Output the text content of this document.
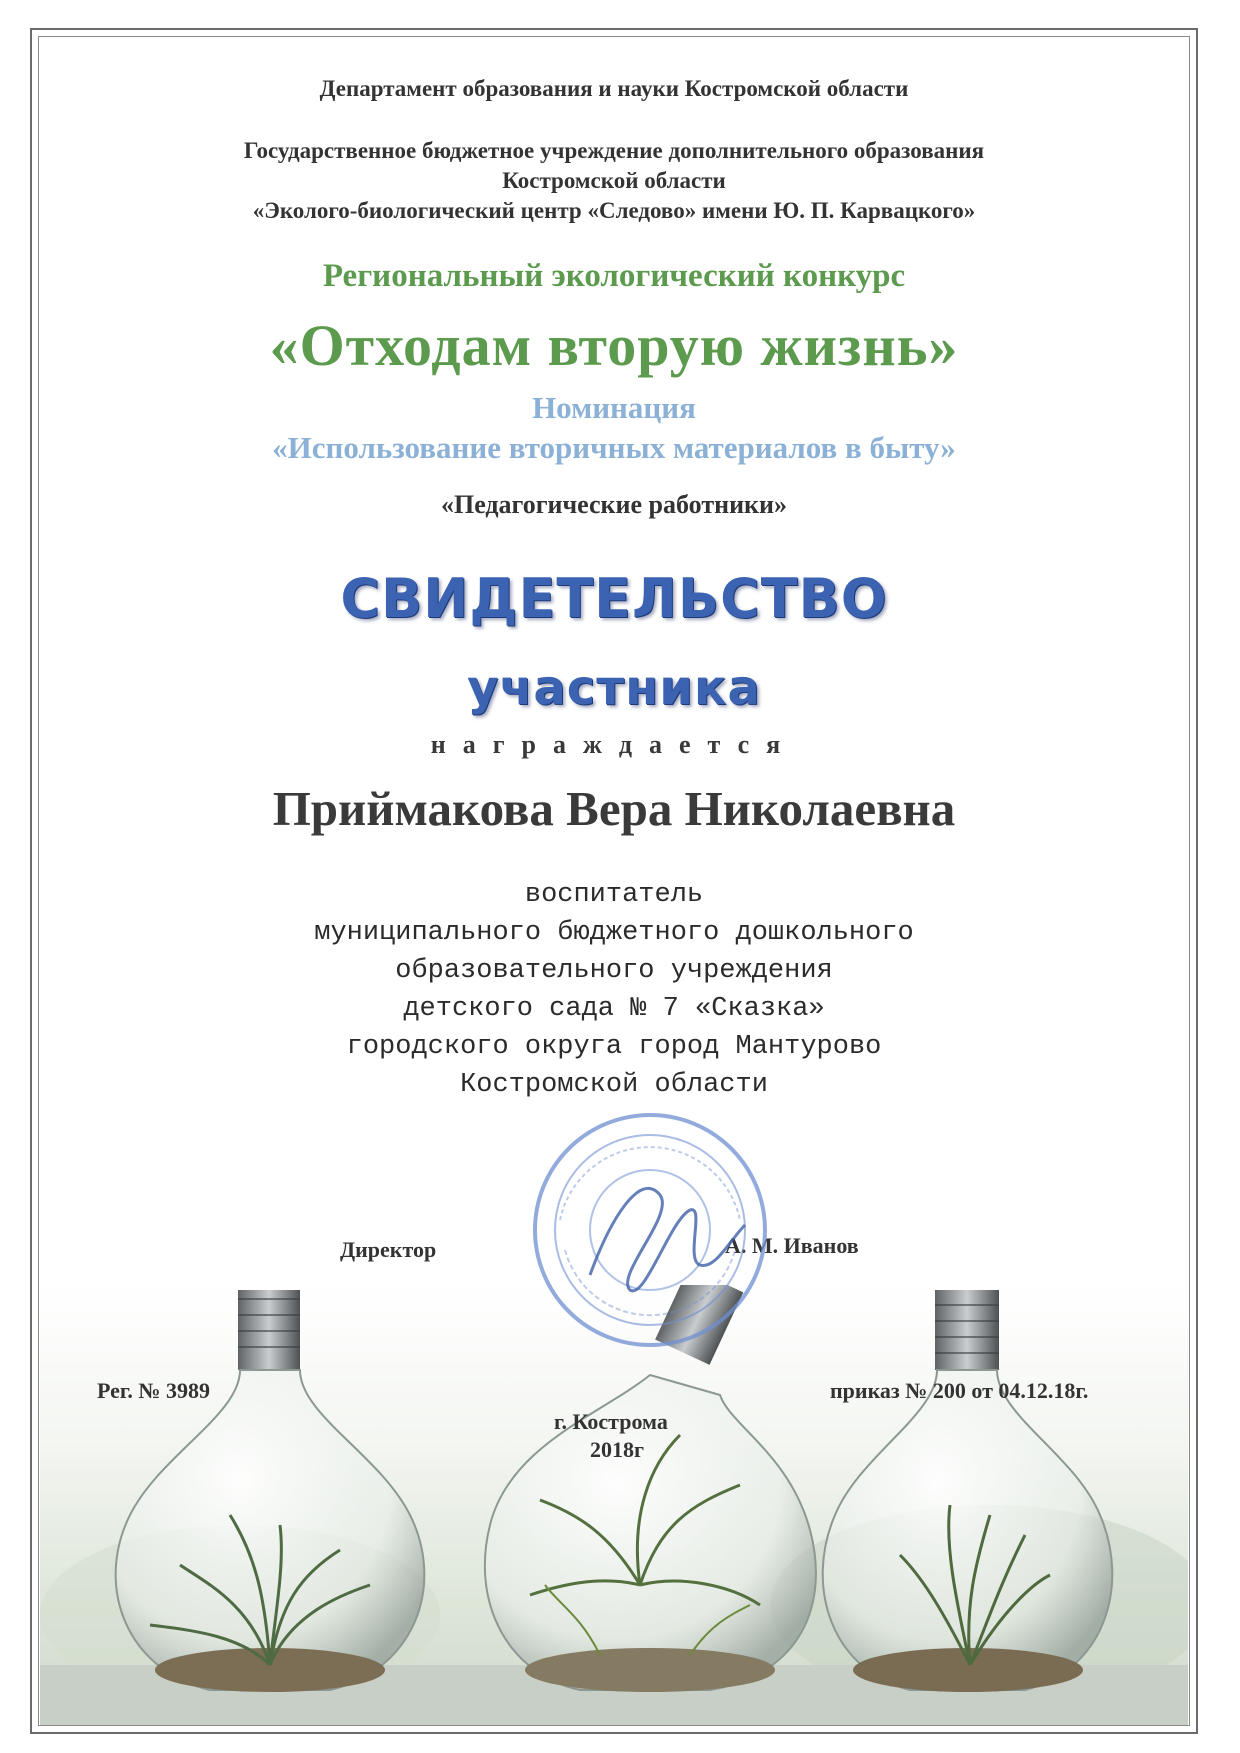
Департамент образования и науки Костромской области
Государственное бюджетное учреждение дополнительного образования
Костромской области
«Эколого-биологический центр «Следово» имени Ю. П. Карвацкого»
Региональный экологический конкурс
«Отходам вторую жизнь»
Номинация
«Использование вторичных материалов в быту»
«Педагогические работники»
СВИДЕТЕЛЬСТВО
участника
награждается
Приймакова Вера Николаевна
воспитатель
муниципального бюджетного дошкольного
образовательного учреждения
детского сада № 7 «Сказка»
городского округа город Мантурово
Костромской области
Директор	А. М. Иванов
Рег. № 3989	приказ № 200 от 04.12.18г.
г. Кострома
2018г
